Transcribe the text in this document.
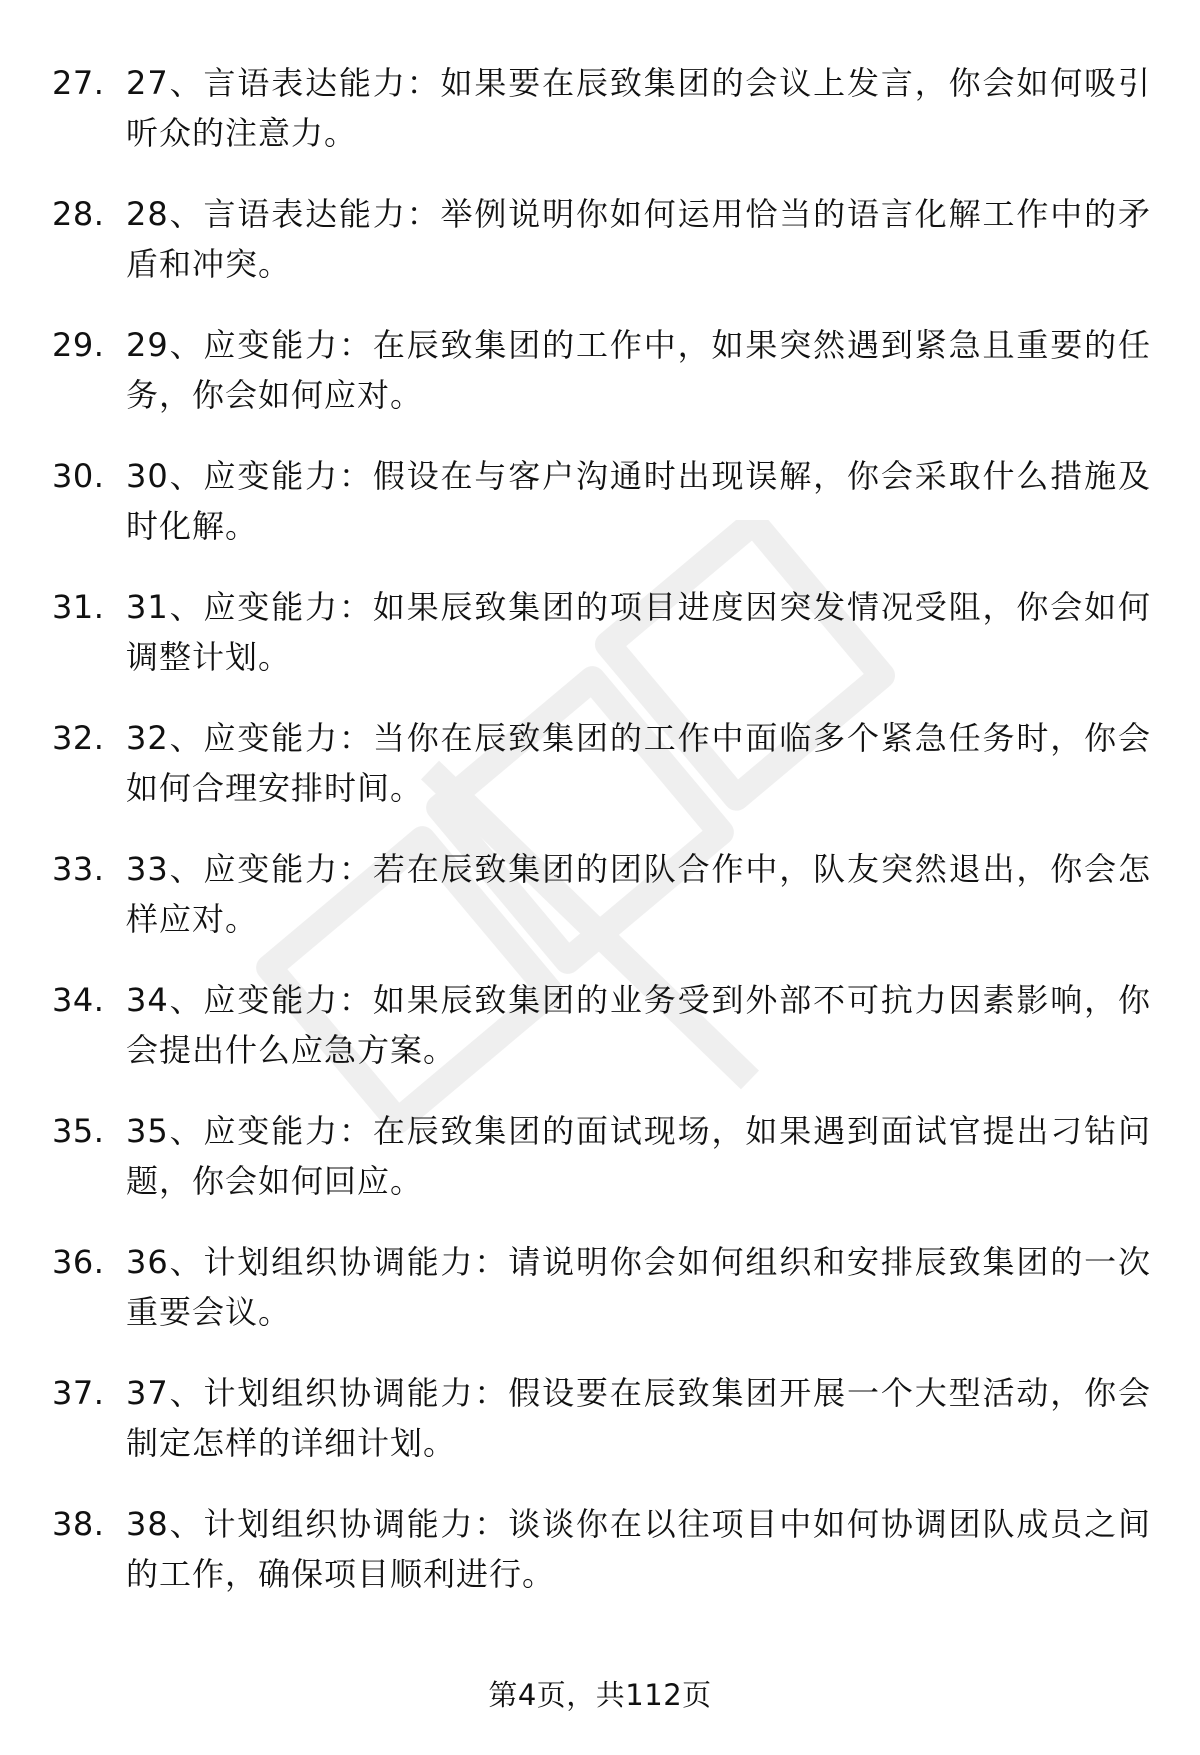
27. 27、言语表达能力：如果要在辰致集团的会议上发言，你会如何吸引听众的注意力。
28. 28、言语表达能力：举例说明你如何运用恰当的语言化解工作中的矛盾和冲突。
29. 29、应变能力：在辰致集团的工作中，如果突然遇到紧急且重要的任务，你会如何应对。
30. 30、应变能力：假设在与客户沟通时出现误解，你会采取什么措施及时化解。
31. 31、应变能力：如果辰致集团的项目进度因突发情况受阻，你会如何调整计划。
32. 32、应变能力：当你在辰致集团的工作中面临多个紧急任务时，你会如何合理安排时间。
33. 33、应变能力：若在辰致集团的团队合作中，队友突然退出，你会怎样应对。
34. 34、应变能力：如果辰致集团的业务受到外部不可抗力因素影响，你会提出什么应急方案。
35. 35、应变能力：在辰致集团的面试现场，如果遇到面试官提出刁钻问题，你会如何回应。
36. 36、计划组织协调能力：请说明你会如何组织和安排辰致集团的一次重要会议。
37. 37、计划组织协调能力：假设要在辰致集团开展一个大型活动，你会制定怎样的详细计划。
38. 38、计划组织协调能力：谈谈你在以往项目中如何协调团队成员之间的工作，确保项目顺利进行。
第4页，共112页
